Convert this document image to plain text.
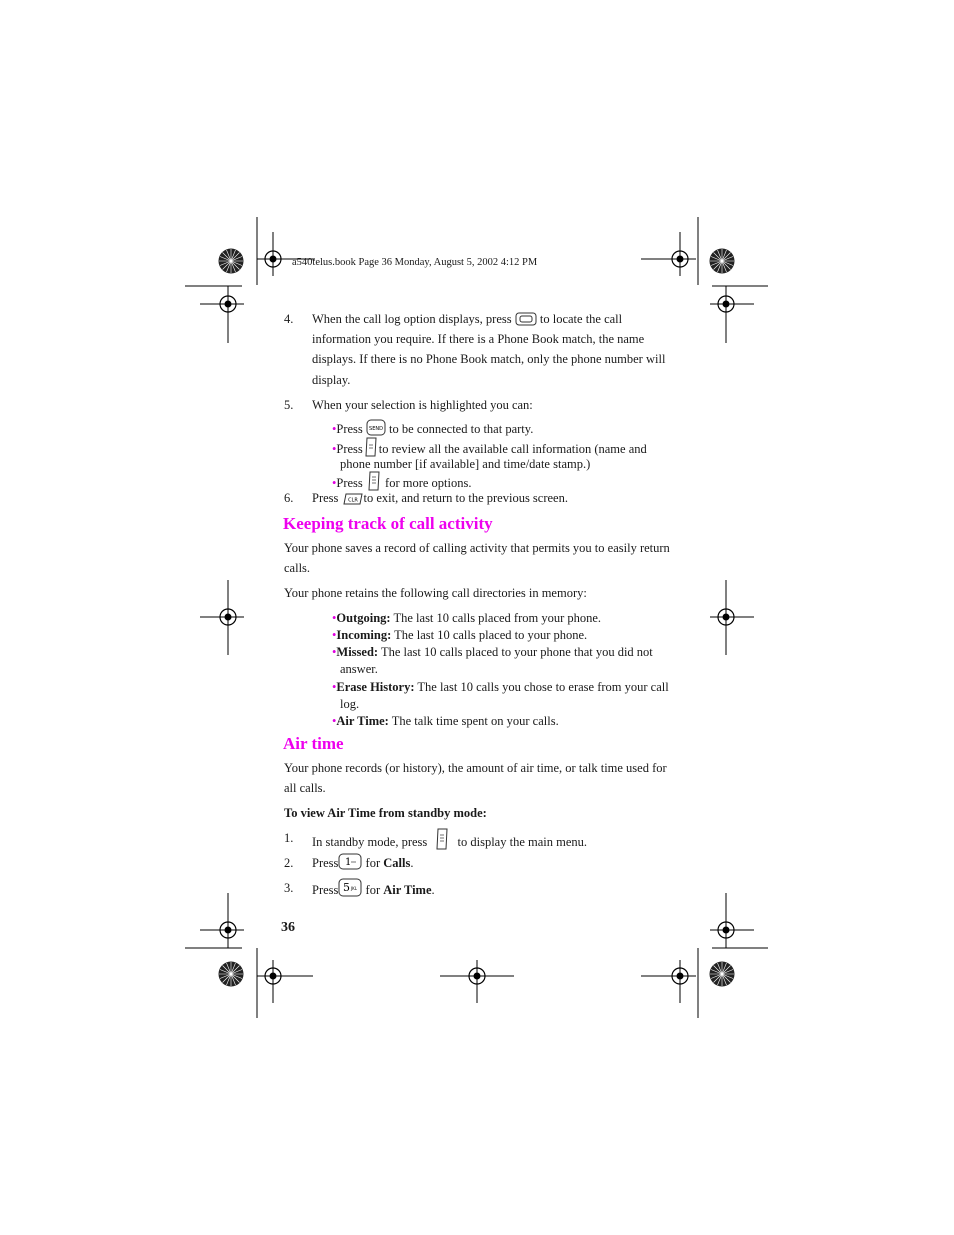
a540telus.book Page 36 Monday, August 5, 2002 4:12 PM
4. When the call log option displays, press to locate the call
information you require. If there is a Phone Book match, the name
displays. If there is no Phone Book match, only the phone number will
display.
5. When your selection is highlighted you can:
•Press SEND to be connected to that party.
•Press to review all the available call information (name and
phone number [if available] and time/date stamp.)
•Press for more options.
6. Press CLR to exit, and return to the previous screen.
Keeping track of call activity
Your phone saves a record of calling activity that permits you to easily return
calls.
Your phone retains the following call directories in memory:
•Outgoing: The last 10 calls placed from your phone.
•Incoming: The last 10 calls placed to your phone.
•Missed: The last 10 calls placed to your phone that you did not
answer.
•Erase History: The last 10 calls you chose to erase from your call
log.
•Air Time: The talk time spent on your calls.
Air time
Your phone records (or history), the amount of air time, or talk time used for
all calls.
To view Air Time from standby mode:
1. In standby mode, press to display the main menu.
2. Press 1 for Calls.
3. Press 5 JKL for Air Time.
36
